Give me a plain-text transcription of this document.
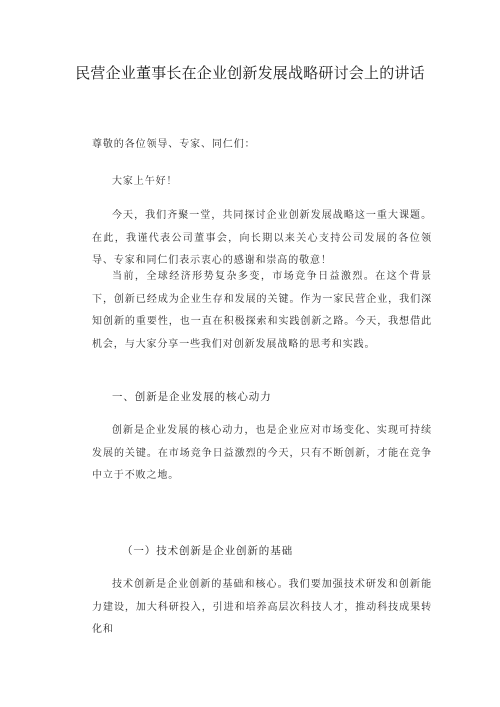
民营企业董事长在企业创新发展战略研讨会上的讲话
尊敬的各位领导、专家、同仁们：
大家上午好！
今天，我们齐聚一堂，共同探讨企业创新发展战略这一重大课题。在此，我谨代表公司董事会，向长期以来关心支持公司发展的各位领导、专家和同仁们表示衷心的感谢和崇高的敬意！
当前，全球经济形势复杂多变，市场竞争日益激烈。在这个背景下，创新已经成为企业生存和发展的关键。作为一家民营企业，我们深知创新的重要性，也一直在积极探索和实践创新之路。今天，我想借此机会，与大家分享一些我们对创新发展战略的思考和实践。
一、创新是企业发展的核心动力
创新是企业发展的核心动力，也是企业应对市场变化、实现可持续发展的关键。在市场竞争日益激烈的今天，只有不断创新，才能在竞争中立于不败之地。
（一）技术创新是企业创新的基础
技术创新是企业创新的基础和核心。我们要加强技术研发和创新能力建设，加大科研投入，引进和培养高层次科技人才，推动科技成果转化和
